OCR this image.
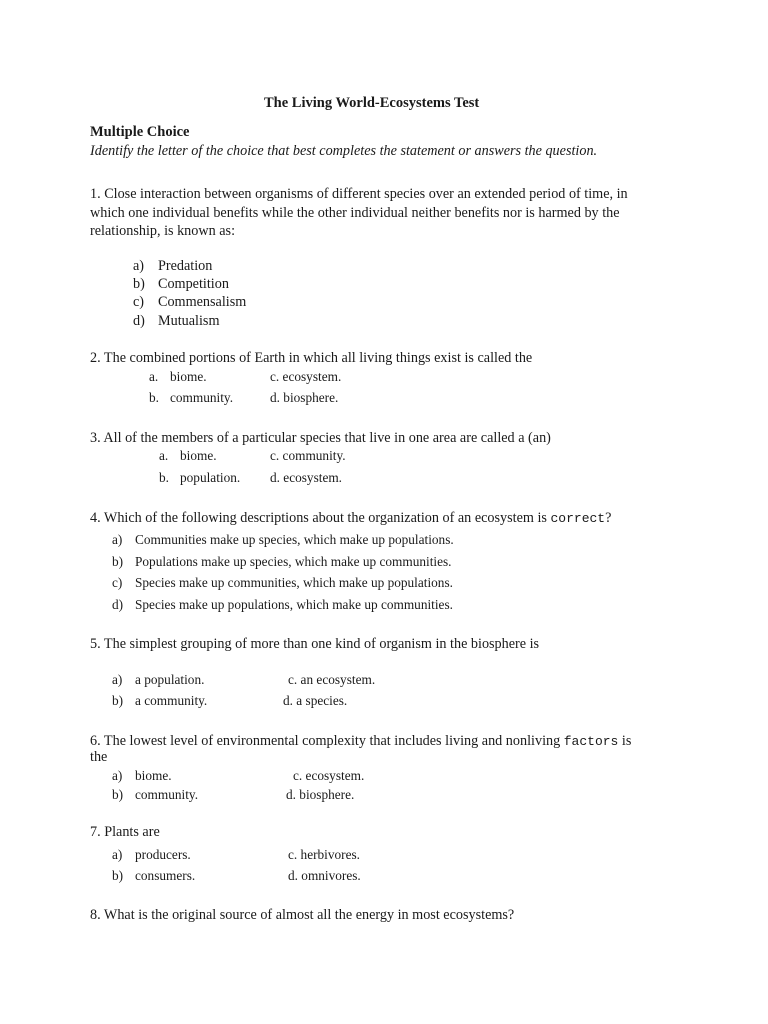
The Living World-Ecosystems Test
Multiple Choice
Identify the letter of the choice that best completes the statement or answers the question.
1. Close interaction between organisms of different species over an extended period of time, in
which one individual benefits while the other individual neither benefits nor is harmed by the
relationship, is known as:
a) Predation
b) Competition
c) Commensalism
d) Mutualism
2. The combined portions of Earth in which all living things exist is called the
a. biome.	c. ecosystem.
b. community.	d. biosphere.
3. All of the members of a particular species that live in one area are called a (an)
a. biome.	c. community.
b. population. d. ecosystem.
4. Which of the following descriptions about the organization of an ecosystem is correct?
a) Communities make up species, which make up populations.
b) Populations make up species, which make up communities.
c) Species make up communities, which make up populations.
d) Species make up populations, which make up communities.
5. The simplest grouping of more than one kind of organism in the biosphere is
a) a population.	c. an ecosystem.
b) a community.	d. a species.
6. The lowest level of environmental complexity that includes living and nonliving factors is
the
a) biome.	c. ecosystem.
b) community.	d. biosphere.
7. Plants are
a) producers.	c. herbivores.
b) consumers.	d. omnivores.
8. What is the original source of almost all the energy in most ecosystems?
